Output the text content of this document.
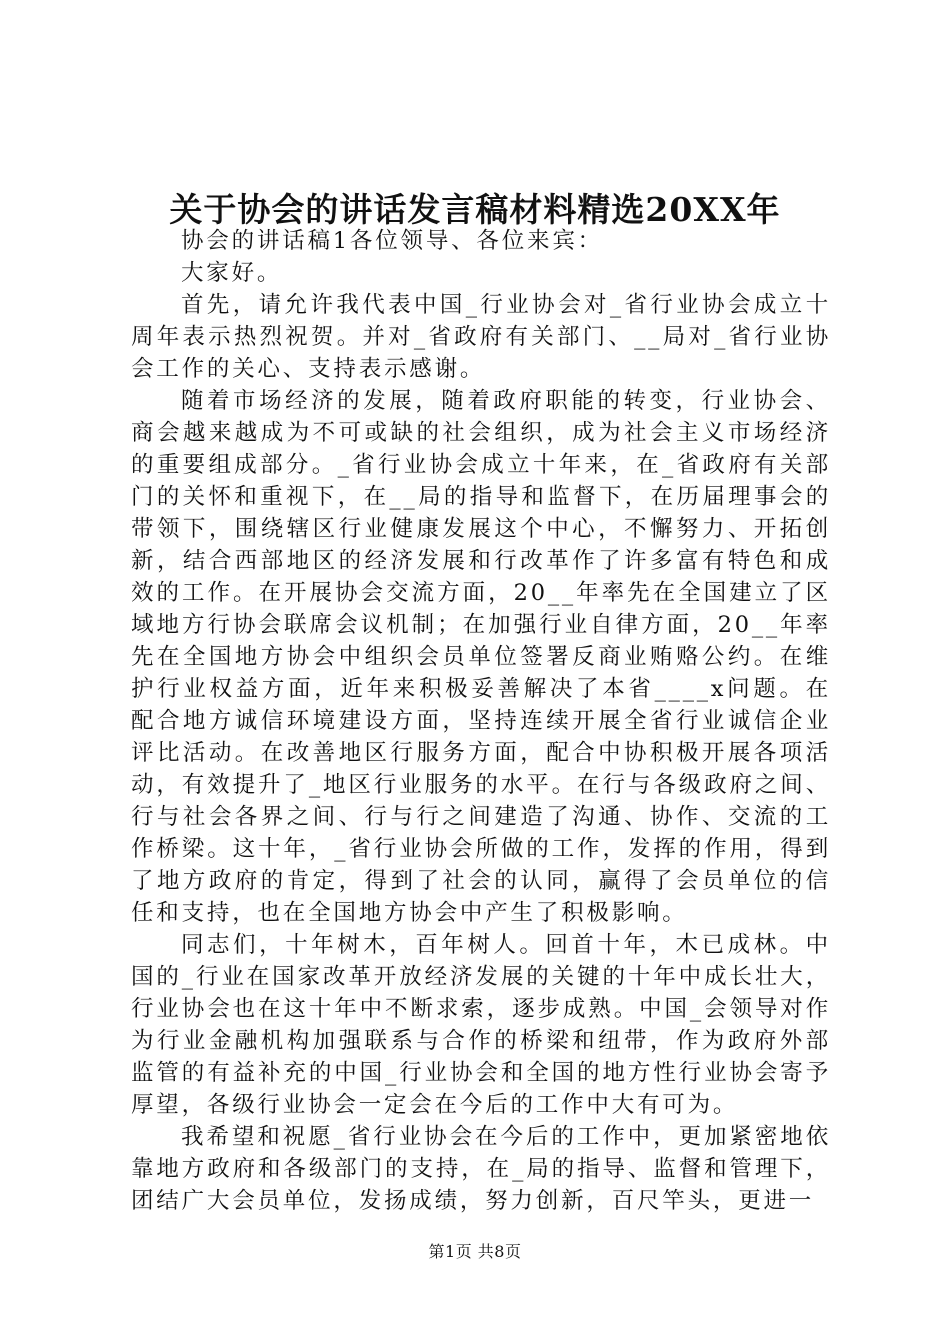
关于协会的讲话发言稿材料精选20XX年

协会的讲话稿1各位领导、各位来宾：

大家好。

首先，请允许我代表中国_行业协会对_省行业协会成立十周年表示热烈祝贺。并对_省政府有关部门、__局对_省行业协会工作的关心、支持表示感谢。

随着市场经济的发展，随着政府职能的转变，行业协会、商会越来越成为不可或缺的社会组织，成为社会主义市场经济的重要组成部分。_省行业协会成立十年来，在_省政府有关部门的关怀和重视下，在__局的指导和监督下，在历届理事会的带领下，围绕辖区行业健康发展这个中心，不懈努力、开拓创新，结合西部地区的经济发展和行改革作了许多富有特色和成效的工作。在开展协会交流方面，20__年率先在全国建立了区域地方行协会联席会议机制；在加强行业自律方面，20__年率先在全国地方协会中组织会员单位签署反商业贿赂公约。在维护行业权益方面，近年来积极妥善解决了本省____x问题。在配合地方诚信环境建设方面，坚持连续开展全省行业诚信企业评比活动。在改善地区行服务方面，配合中协积极开展各项活动，有效提升了_地区行业服务的水平。在行与各级政府之间、行与社会各界之间、行与行之间建造了沟通、协作、交流的工作桥梁。这十年，_省行业协会所做的工作，发挥的作用，得到了地方政府的肯定，得到了社会的认同，赢得了会员单位的信任和支持，也在全国地方协会中产生了积极影响。

同志们，十年树木，百年树人。回首十年，木已成林。中国的_行业在国家改革开放经济发展的关键的十年中成长壮大，行业协会也在这十年中不断求索，逐步成熟。中国_会领导对作为行业金融机构加强联系与合作的桥梁和纽带，作为政府外部监管的有益补充的中国_行业协会和全国的地方性行业协会寄予厚望，各级行业协会一定会在今后的工作中大有可为。

我希望和祝愿_省行业协会在今后的工作中，更加紧密地依靠地方政府和各级部门的支持，在_局的指导、监督和管理下，团结广大会员单位，发扬成绩，努力创新，百尺竿头，更进一

第1页 共8页
